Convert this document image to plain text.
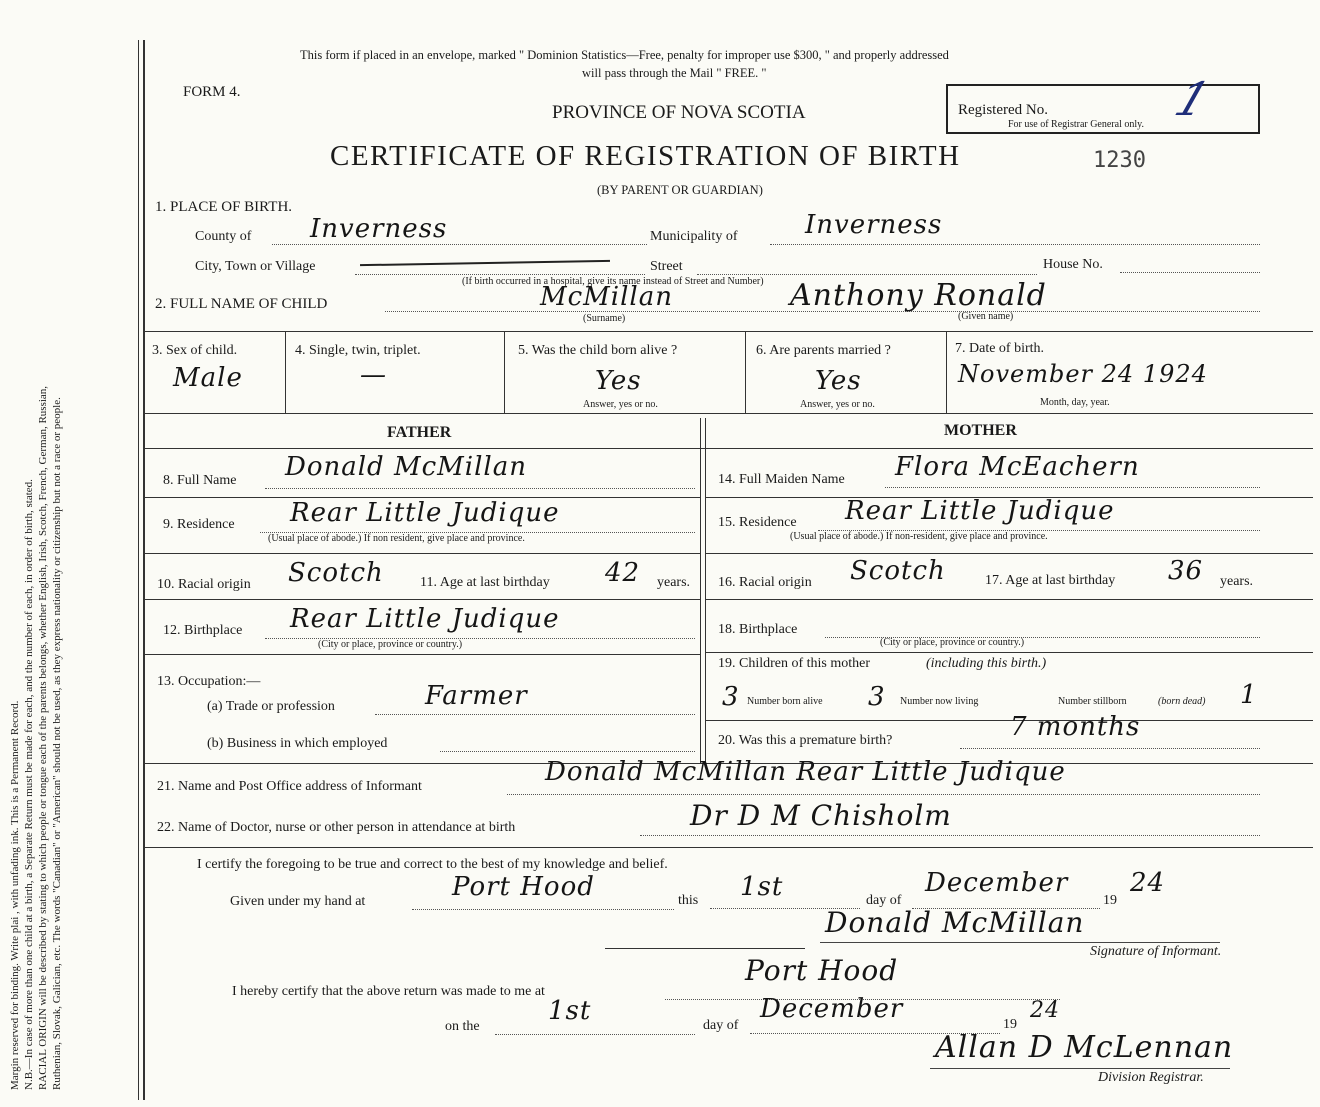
Margin reserved for binding. Write plai , with unfading ink. This is a Permanent Record. N.B.—In case of more than one child at a birth, a Separate Return must be made for each, and the number of each, in order of birth, stated. RACIAL ORIGIN will be described by stating to which people or tongue each of the parents belongs, whether English, Irish, Scotch, French, German, Russian, Ruthenian, Slovak, Galician, etc. The words "Canadian" or "American" should not be used, as they express nationality or citizenship but not a race or people.
This form if placed in an envelope, marked " Dominion Statistics—Free, penalty for improper use $300, " and properly addressed
will pass through the Mail " FREE. "
FORM 4.
PROVINCE OF NOVA SCOTIA
CERTIFICATE OF REGISTRATION OF BIRTH
(BY PARENT OR GUARDIAN)
1230
Registered No.
For use of Registrar General only. 1
1. PLACE OF BIRTH.
County of Inverness	Municipality of	Inverness
City, Town or Village	Street	House No.
(If birth occurred in a hospital, give its name instead of Street and Number)
2. FULL NAME OF CHILD	McMillan	Anthony Ronald
(Surname)	(Given name)
3. Sex of child.
Male
4. Single, twin, triplet.
—
5. Was the child born alive ?
Yes
Answer, yes or no.
6. Are parents married ?
Yes
Answer, yes or no.
7. Date of birth.
November 24 1924
Month, day, year.
FATHER	MOTHER
8. Full Name Donald McMillan
9. Residence Rear Little Judique
(Usual place of abode.) If non resident, give place and province.
10. Racial origin Scotch	11. Age at last birthday 42 years.
12. Birthplace Rear Little Judique
(City or place, province or country.)
13. Occupation:—
(a) Trade or profession	Farmer
(b) Business in which employed
14. Full Maiden Name Flora McEachern
15. Residence Rear Little Judique
(Usual place of abode.) If non-resident, give place and province.
16. Racial origin Scotch	17. Age at last birthday 36 years.
18. Birthplace
(City or place, province or country.)
19. Children of this mother	(including this birth.)
3 Number born alive 3 Number now living	Number stillborn	(born dead) 1
20. Was this a premature birth?	7 months
21. Name and Post Office address of Informant	Donald McMillan Rear Little Judique
22. Name of Doctor, nurse or other person in attendance at birth	Dr D M Chisholm
I certify the foregoing to be true and correct to the best of my knowledge and belief.
Given under my hand at	Port Hood	this 1st	day of
December
19
24
Donald McMillan
Signature of Informant.
Port Hood
I hereby certify that the above return was made to me at
on the
1st	day of
December
19
24
Allan D McLennan
Division Registrar.
